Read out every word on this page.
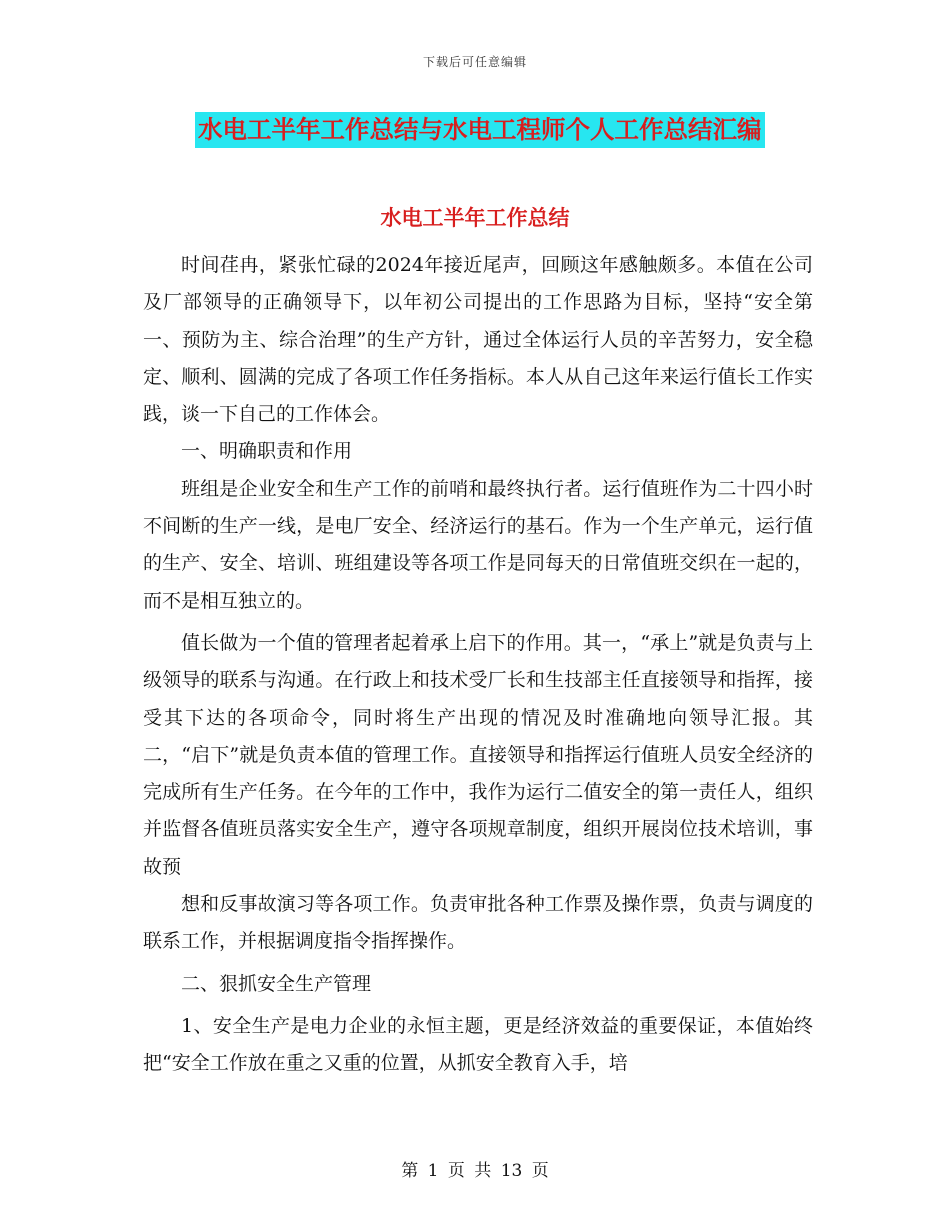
下载后可任意编辑
水电工半年工作总结与水电工程师个人工作总结汇编
水电工半年工作总结

时间荏冉，紧张忙碌的2024年接近尾声，回顾这年感触颇多。本值在公司及厂部领导的正确领导下，以年初公司提出的工作思路为目标，坚持“安全第一、预防为主、综合治理”的生产方针，通过全体运行人员的辛苦努力，安全稳定、顺利、圆满的完成了各项工作任务指标。本人从自己这年来运行值长工作实践，谈一下自己的工作体会。

一、明确职责和作用

班组是企业安全和生产工作的前哨和最终执行者。运行值班作为二十四小时不间断的生产一线，是电厂安全、经济运行的基石。作为一个生产单元，运行值的生产、安全、培训、班组建设等各项工作是同每天的日常值班交织在一起的，而不是相互独立的。

值长做为一个值的管理者起着承上启下的作用。其一，“承上”就是负责与上级领导的联系与沟通。在行政上和技术受厂长和生技部主任直接领导和指挥，接受其下达的各项命令，同时将生产出现的情况及时准确地向领导汇报。其二，“启下”就是负责本值的管理工作。直接领导和指挥运行值班人员安全经济的完成所有生产任务。在今年的工作中，我作为运行二值安全的第一责任人，组织并监督各值班员落实安全生产，遵守各项规章制度，组织开展岗位技术培训，事故预

想和反事故演习等各项工作。负责审批各种工作票及操作票，负责与调度的联系工作，并根据调度指令指挥操作。

二、狠抓安全生产管理

1、安全生产是电力企业的永恒主题，更是经济效益的重要保证，本值始终把“安全工作放在重之又重的位置，从抓安全教育入手，培

第 1 页 共 13 页
